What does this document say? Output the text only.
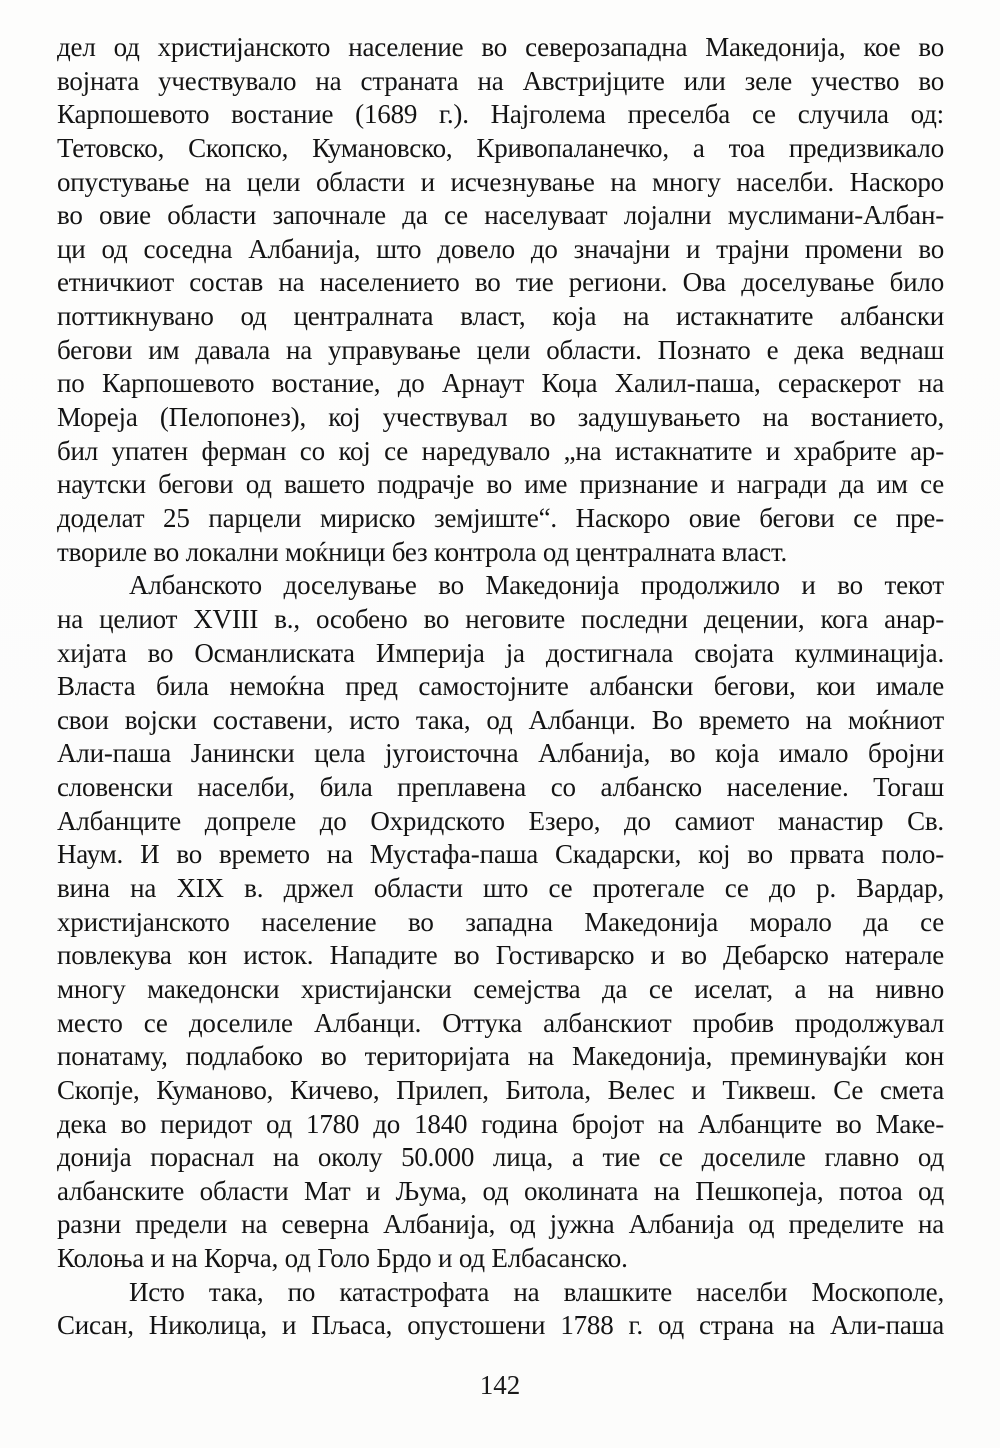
дел од христијанското население во северозападна Македонија, кое во
војната учествувало на страната на Австријците или зеле учество во
Карпошевото востание (1689 г.). Најголема преселба се случила од:
Тетовско, Скопско, Кумановско, Кривопаланечко, а тоа предизвикало
опустување на цели области и исчезнување на многу населби. Наскоро
во овие области започнале да се населуваат лојални муслимани-Албан-
ци од соседна Албанија, што довело до значајни и трајни промени во
етничкиот состав на населението во тие региони. Ова доселување било
поттикнувано од централната власт, која на истакнатите албански
бегови им давала на управување цели области. Познато е дека веднаш
по Карпошевото востание, до Арнаут Коџа Халил-паша, сераскерот на
Мореја (Пелопонез), кој учествувал во задушувањето на востанието,
бил упатен ферман со кој се наредувало „на истакнатите и храбрите ар-
наутски бегови од вашето подрачје во име признание и награди да им се
доделат 25 парцели мириско земјиште“. Наскоро овие бегови се пре-
твориле во локални моќници без контрола од централната власт.
Албанското доселување во Македонија продолжило и во текот
на целиот XVIII в., особено во неговите последни децении, кога анар-
хијата во Османлиската Империја ја достигнала својата кулминација.
Власта била немоќна пред самостојните албански бегови, кои имале
свои војски составени, исто така, од Албанци. Во времето на моќниот
Али-паша Јанински цела југоисточна Албанија, во која имало бројни
словенски населби, била преплавена со албанско население. Тогаш
Албанците допреле до Охридското Езеро, до самиот манастир Св.
Наум. И во времето на Мустафа-паша Скадарски, кој во првата поло-
вина на XIX в. држел области што се протегале се до р. Вардар,
христијанското население во западна Македонија морало да се
повлекува кон исток. Нападите во Гостиварско и во Дебарско натерале
многу македонски христијански семејства да се иселат, а на нивно
место се доселиле Албанци. Оттука албанскиот пробив продолжувал
понатаму, подлабоко во територијата на Македонија, преминувајќи кон
Скопје, Куманово, Кичево, Прилеп, Битола, Велес и Тиквеш. Се смета
дека во перидот од 1780 до 1840 година бројот на Албанците во Маке-
донија пораснал на околу 50.000 лица, а тие се доселиле главно од
албанските области Мат и Љума, од околината на Пешкопеја, потоа од
разни предели на северна Албанија, од јужна Албанија од пределите на
Колоња и на Корча, од Голо Брдо и од Елбасанско.
Исто така, по катастрофата на влашките населби Москополе,
Сисан, Николица, и Пљаса, опустошени 1788 г. од страна на Али-паша
142
